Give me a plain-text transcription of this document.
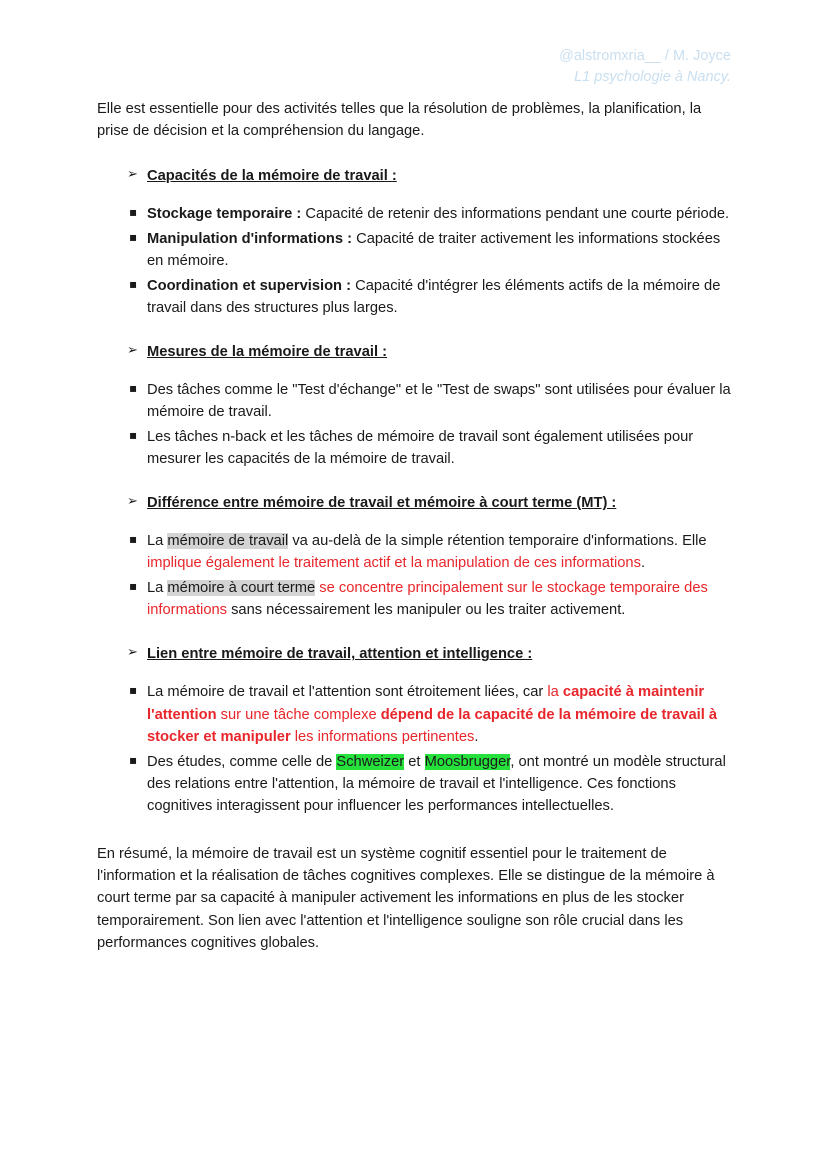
@alstromxria__ / M. Joyce
L1 psychologie à Nancy.

Elle est essentielle pour des activités telles que la résolution de problèmes, la planification, la prise de décision et la compréhension du langage.

➢ Capacités de la mémoire de travail :
▪ Stockage temporaire : Capacité de retenir des informations pendant une courte période.
▪ Manipulation d'informations : Capacité de traiter activement les informations stockées en mémoire.
▪ Coordination et supervision : Capacité d'intégrer les éléments actifs de la mémoire de travail dans des structures plus larges.
➢ Mesures de la mémoire de travail :
▪ Des tâches comme le "Test d'échange" et le "Test de swaps" sont utilisées pour évaluer la mémoire de travail.
▪ Les tâches n-back et les tâches de mémoire de travail sont également utilisées pour mesurer les capacités de la mémoire de travail.
➢ Différence entre mémoire de travail et mémoire à court terme (MT) :
▪ La mémoire de travail va au-delà de la simple rétention temporaire d'informations. Elle implique également le traitement actif et la manipulation de ces informations.
▪ La mémoire à court terme se concentre principalement sur le stockage temporaire des informations sans nécessairement les manipuler ou les traiter activement.
➢ Lien entre mémoire de travail, attention et intelligence :
▪ La mémoire de travail et l'attention sont étroitement liées, car la capacité à maintenir l'attention sur une tâche complexe dépend de la capacité de la mémoire de travail à stocker et manipuler les informations pertinentes.
▪ Des études, comme celle de Schweizer et Moosbrugger, ont montré un modèle structural des relations entre l'attention, la mémoire de travail et l'intelligence. Ces fonctions cognitives interagissent pour influencer les performances intellectuelles.

En résumé, la mémoire de travail est un système cognitif essentiel pour le traitement de l'information et la réalisation de tâches cognitives complexes. Elle se distingue de la mémoire à court terme par sa capacité à manipuler activement les informations en plus de les stocker temporairement. Son lien avec l'attention et l'intelligence souligne son rôle crucial dans les performances cognitives globales.
